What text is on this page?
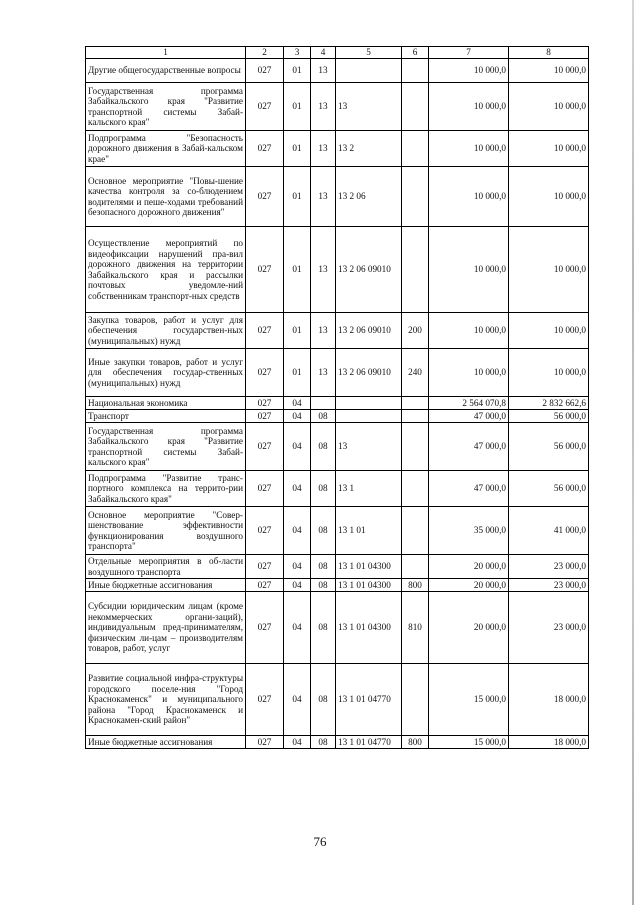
1	2	3	4	5	6	7	8
Другие общегосударственные вопросы	027	01	13			10 000,0	10 000,0
Государственная программа Забайкальского края "Развитие транспортной системы Забай-кальского края"	027	01	13	13		10 000,0	10 000,0
Подпрограмма "Безопасность дорожного движения в Забай-кальском крае"	027	01	13	13 2		10 000,0	10 000,0
Основное мероприятие "Повы-шение качества контроля за со-блюдением водителями и пеше-ходами требований безопасного дорожного движения"	027	01	13	13 2 06		10 000,0	10 000,0
Осуществление мероприятий по видеофиксации нарушений пра-вил дорожного движения на территории Забайкальского края и рассылки почтовых уведомле-ний собственникам транспорт-ных средств	027	01	13	13 2 06 09010		10 000,0	10 000,0
Закупка товаров, работ и услуг для обеспечения государствен-ных (муниципальных) нужд	027	01	13	13 2 06 09010	200	10 000,0	10 000,0
Иные закупки товаров, работ и услуг для обеспечения государ-ственных (муниципальных) нужд	027	01	13	13 2 06 09010	240	10 000,0	10 000,0
Национальная экономика	027	04				2 564 070,8	2 832 662,6
Транспорт	027	04	08			47 000,0	56 000,0
Государственная программа Забайкальского края "Развитие транспортной системы Забай-кальского края"	027	04	08	13		47 000,0	56 000,0
Подпрограмма "Развитие транс-портного комплекса на террито-рии Забайкальского края"	027	04	08	13 1		47 000,0	56 000,0
Основное мероприятие "Совер-шенствование эффективности функционирования воздушного транспорта"	027	04	08	13 1 01		35 000,0	41 000,0
Отдельные мероприятия в об-ласти воздушного транспорта	027	04	08	13 1 01 04300		20 000,0	23 000,0
Иные бюджетные ассигнования	027	04	08	13 1 01 04300	800	20 000,0	23 000,0
Субсидии юридическим лицам (кроме некоммерческих органи-заций), индивидуальным пред-принимателям, физическим ли-цам – производителям товаров, работ, услуг	027	04	08	13 1 01 04300	810	20 000,0	23 000,0
Развитие социальной инфра-структуры городского поселе-ния "Город Краснокаменск" и муниципального района "Город Краснокаменск и Краснокамен-ский район"	027	04	08	13 1 01 04770		15 000,0	18 000,0
Иные бюджетные ассигнования	027	04	08	13 1 01 04770	800	15 000,0	18 000,0
76
